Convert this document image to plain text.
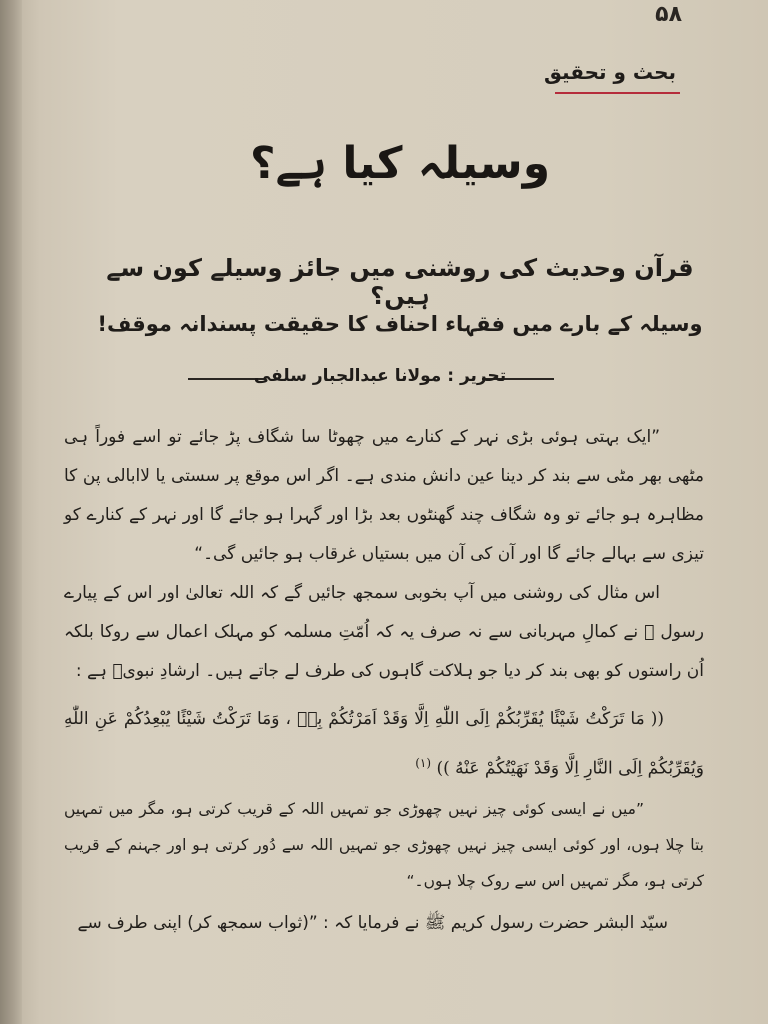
۵۸
بحث و تحقیق
وسیلہ کیا ہے؟
قرآن وحدیث کی روشنی میں جائز وسیلے کون سے ہیں؟
وسیلہ کے بارے میں فقہاء احناف کا حقیقت پسندانہ موقف!
تحریر : مولانا عبدالجبار سلفی

”ایک بہتی ہوئی بڑی نہر کے کنارے میں چھوٹا سا شگاف پڑ جائے تو اسے فوراً ہی مٹھی بھر مٹی سے بند کر دینا عین دانش مندی ہے۔ اگر اس موقع پر سستی یا لاابالی پن کا مظاہرہ ہو جائے تو وہ شگاف چند گھنٹوں بعد بڑا اور گہرا ہو جائے گا اور نہر کے کنارے کو تیزی سے بہالے جائے گا اور آن کی آن میں بستیاں غرقاب ہو جائیں گی۔“

اس مثال کی روشنی میں آپ بخوبی سمجھ جائیں گے کہ اللہ تعالیٰ اور اس کے پیارے رسول ﷺ نے کمالِ مہربانی سے نہ صرف یہ کہ اُمّتِ مسلمہ کو مہلک اعمال سے روکا بلکہ اُن راستوں کو بھی بند کر دیا جو ہلاکت گاہوں کی طرف لے جاتے ہیں۔ ارشادِ نبویؐ ہے :

(( مَا تَرَكْتُ شَيْئًا يُقَرِّبُكُمْ اِلَى اللّٰهِ اِلَّا وَقَدْ اَمَرْتُكُمْ بِهٖ ، وَمَا تَرَكْتُ شَيْئًا يُبْعِدُكُمْ عَنِ اللّٰهِ وَيُقَرِّبُكُمْ اِلَى النَّارِ اِلَّا وَقَدْ نَهَيْتُكُمْ عَنْهُ )) $^{(۱)}$

”میں نے ایسی کوئی چیز نہیں چھوڑی جو تمہیں اللہ کے قریب کرتی ہو، مگر میں تمہیں بتا چلا ہوں، اور کوئی ایسی چیز نہیں چھوڑی جو تمہیں اللہ سے دُور کرتی ہو اور جہنم کے قریب کرتی ہو، مگر تمہیں اس سے روک چلا ہوں۔“

سیّد البشر حضرت رسول کریم ﷺ نے فرمایا کہ : ”(ثواب سمجھ کر) اپنی طرف سے
